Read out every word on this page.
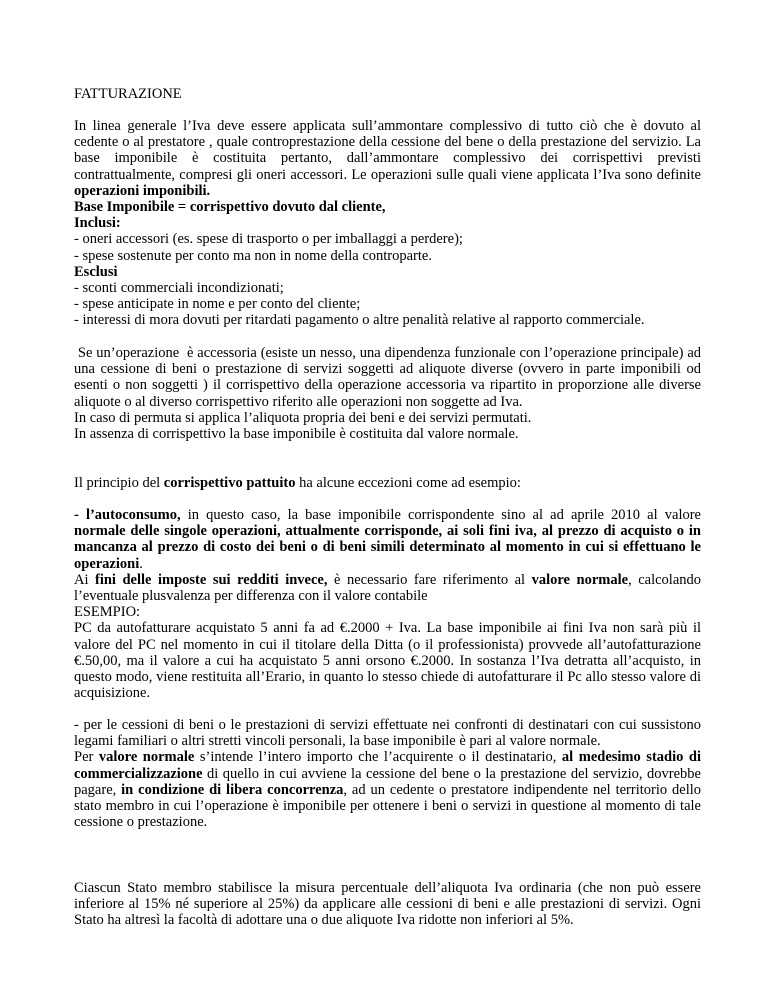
FATTURAZIONE

In linea generale l’Iva deve essere applicata sull’ammontare complessivo di tutto ciò che è dovuto al cedente o al prestatore , quale controprestazione della cessione del bene o della prestazione del servizio. La base imponibile è costituita pertanto, dall’ammontare complessivo dei corrispettivi previsti contrattualmente, compresi gli oneri accessori. Le operazioni sulle quali viene applicata l’Iva sono definite operazioni imponibili.

Base Imponibile = corrispettivo dovuto dal cliente,

Inclusi:

- oneri accessori (es. spese di trasporto o per imballaggi a perdere);

- spese sostenute per conto ma non in nome della controparte.

Esclusi

- sconti commerciali incondizionati;

- spese anticipate in nome e per conto del cliente;

- interessi di mora dovuti per ritardati pagamento o altre penalità relative al rapporto commerciale.

Se un’operazione  è accessoria (esiste un nesso, una dipendenza funzionale con l’operazione principale) ad una cessione di beni o prestazione di servizi soggetti ad aliquote diverse (ovvero in parte imponibili od esenti o non soggetti ) il corrispettivo della operazione accessoria va ripartito in proporzione alle diverse aliquote o al diverso corrispettivo riferito alle operazioni non soggette ad Iva.

In caso di permuta si applica l’aliquota propria dei beni e dei servizi permutati.

In assenza di corrispettivo la base imponibile è costituita dal valore normale.

Il principio del corrispettivo pattuito ha alcune eccezioni come ad esempio:

- l’autoconsumo, in questo caso, la base imponibile corrispondente sino al ad aprile 2010 al valore normale delle singole operazioni, attualmente corrisponde, ai soli fini iva, al prezzo di acquisto o in mancanza al prezzo di costo dei beni o di beni simili determinato al momento in cui si effettuano le operazioni.

Ai fini delle imposte sui redditi invece, è necessario fare riferimento al valore normale, calcolando l’eventuale plusvalenza per differenza con il valore contabile

ESEMPIO:

PC da autofatturare acquistato 5 anni fa ad €.2000 + Iva. La base imponibile ai fini Iva non sarà più il valore del PC nel momento in cui il titolare della Ditta (o il professionista) provvede all’autofatturazione €.50,00, ma il valore a cui ha acquistato 5 anni orsono €.2000. In sostanza l’Iva detratta all’acquisto, in questo modo, viene restituita all’Erario, in quanto lo stesso chiede di autofatturare il Pc allo stesso valore di acquisizione.

- per le cessioni di beni o le prestazioni di servizi effettuate nei confronti di destinatari con cui sussistono legami familiari o altri stretti vincoli personali, la base imponibile è pari al valore normale.

Per valore normale s’intende l’intero importo che l’acquirente o il destinatario, al medesimo stadio di commercializzazione di quello in cui avviene la cessione del bene o la prestazione del servizio, dovrebbe pagare, in condizione di libera concorrenza, ad un cedente o prestatore indipendente nel territorio dello stato membro in cui l’operazione è imponibile per ottenere i beni o servizi in questione al momento di tale cessione o prestazione.

Ciascun Stato membro stabilisce la misura percentuale dell’aliquota Iva ordinaria (che non può essere inferiore al 15% né superiore al 25%) da applicare alle cessioni di beni e alle prestazioni di servizi. Ogni Stato ha altresì la facoltà di adottare una o due aliquote Iva ridotte non inferiori al 5%.
